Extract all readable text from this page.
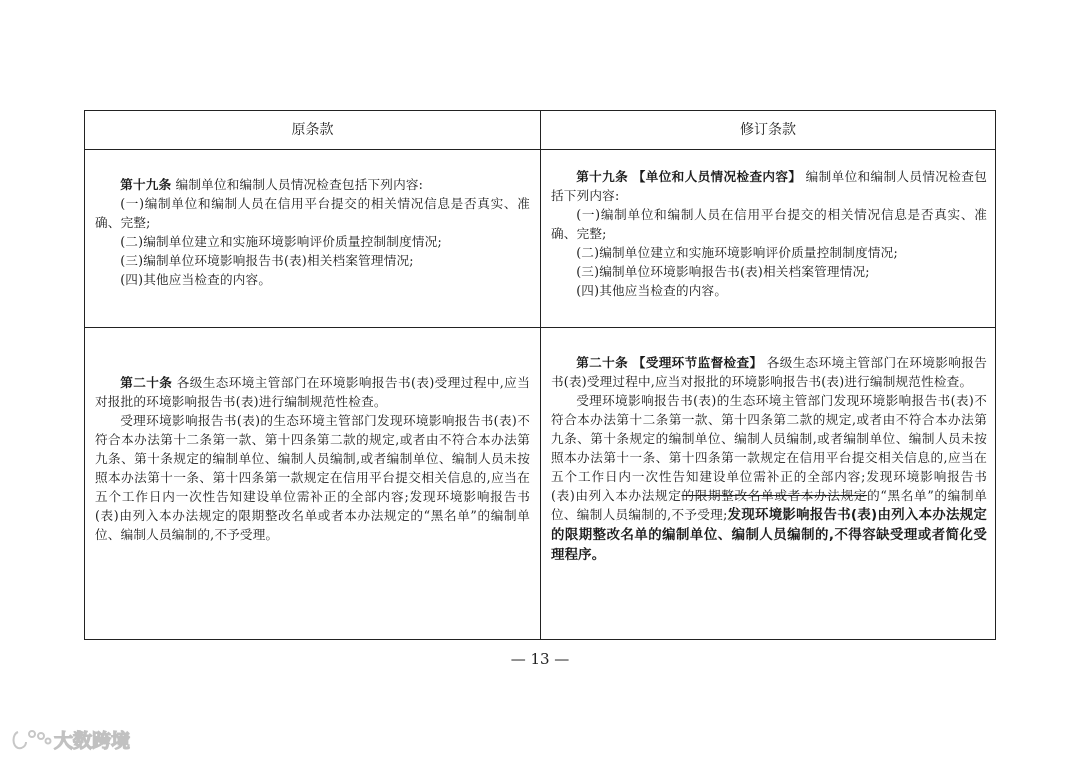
原条款	修订条款

第十九条 编制单位和编制人员情况检查包括下列内容:

(一)编制单位和编制人员在信用平台提交的相关情况信息是否真实、准确、完整;

(二)编制单位建立和实施环境影响评价质量控制制度情况;

(三)编制单位环境影响报告书(表)相关档案管理情况;

(四)其他应当检查的内容。

第十九条 【单位和人员情况检查内容】 编制单位和编制人员情况检查包括下列内容:

(一)编制单位和编制人员在信用平台提交的相关情况信息是否真实、准确、完整;

(二)编制单位建立和实施环境影响评价质量控制制度情况;

(三)编制单位环境影响报告书(表)相关档案管理情况;

(四)其他应当检查的内容。

第二十条 各级生态环境主管部门在环境影响报告书(表)受理过程中,应当对报批的环境影响报告书(表)进行编制规范性检查。

受理环境影响报告书(表)的生态环境主管部门发现环境影响报告书(表)不符合本办法第十二条第一款、第十四条第二款的规定,或者由不符合本办法第九条、第十条规定的编制单位、编制人员编制,或者编制单位、编制人员未按照本办法第十一条、第十四条第一款规定在信用平台提交相关信息的,应当在五个工作日内一次性告知建设单位需补正的全部内容;发现环境影响报告书(表)由列入本办法规定的限期整改名单或者本办法规定的“黑名单”的编制单位、编制人员编制的,不予受理。

第二十条 【受理环节监督检查】 各级生态环境主管部门在环境影响报告书(表)受理过程中,应当对报批的环境影响报告书(表)进行编制规范性检查。

受理环境影响报告书(表)的生态环境主管部门发现环境影响报告书(表)不符合本办法第十二条第一款、第十四条第二款的规定,或者由不符合本办法第九条、第十条规定的编制单位、编制人员编制,或者编制单位、编制人员未按照本办法第十一条、第十四条第一款规定在信用平台提交相关信息的,应当在五个工作日内一次性告知建设单位需补正的全部内容;发现环境影响报告书(表)由列入本办法规定的限期整改名单或者本办法规定的“黑名单”的编制单位、编制人员编制的,不予受理;发现环境影响报告书(表)由列入本办法规定的限期整改名单的编制单位、编制人员编制的,不得容缺受理或者简化受理程序。

— 13 —
大数跨境
